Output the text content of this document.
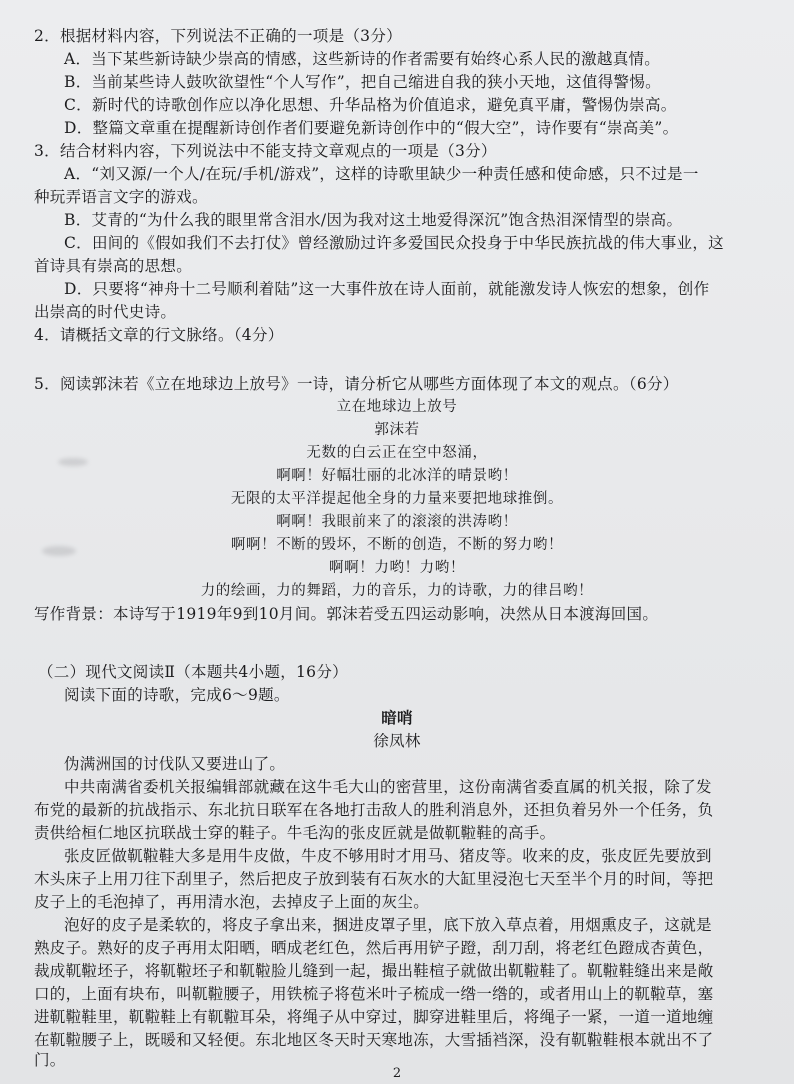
2．根据材料内容，下列说法不正确的一项是（3分）
A．当下某些新诗缺少崇高的情感，这些新诗的作者需要有始终心系人民的激越真情。
B．当前某些诗人鼓吹欲望性“个人写作”，把自己缩进自我的狭小天地，这值得警惕。
C．新时代的诗歌创作应以净化思想、升华品格为价值追求，避免真平庸，警惕伪崇高。
D．整篇文章重在提醒新诗创作者们要避免新诗创作中的“假大空”，诗作要有“崇高美”。
3．结合材料内容，下列说法中不能支持文章观点的一项是（3分）
A．“刘又源/一个人/在玩/手机/游戏”，这样的诗歌里缺少一种责任感和使命感，只不过是一
种玩弄语言文字的游戏。
B．艾青的“为什么我的眼里常含泪水/因为我对这土地爱得深沉”饱含热泪深情型的崇高。
C．田间的《假如我们不去打仗》曾经激励过许多爱国民众投身于中华民族抗战的伟大事业，这
首诗具有崇高的思想。
D．只要将“神舟十二号顺利着陆”这一大事件放在诗人面前，就能激发诗人恢宏的想象，创作
出崇高的时代史诗。
4．请概括文章的行文脉络。（4分）
5．阅读郭沫若《立在地球边上放号》一诗，请分析它从哪些方面体现了本文的观点。（6分）
立在地球边上放号
郭沫若
无数的白云正在空中怒涌，
啊啊！好幅壮丽的北冰洋的晴景哟！
无限的太平洋提起他全身的力量来要把地球推倒。
啊啊！我眼前来了的滚滚的洪涛哟！
啊啊！不断的毁坏，不断的创造，不断的努力哟！
啊啊！力哟！力哟！
力的绘画，力的舞蹈，力的音乐，力的诗歌，力的律吕哟！
写作背景：本诗写于1919年9到10月间。郭沫若受五四运动影响，决然从日本渡海回国。
（二）现代文阅读Ⅱ（本题共4小题，16分）
阅读下面的诗歌，完成6～9题。
暗哨
徐凤林
伪满洲国的讨伐队又要进山了。
中共南满省委机关报编辑部就藏在这牛毛大山的密营里，这份南满省委直属的机关报，除了发
布党的最新的抗战指示、东北抗日联军在各地打击敌人的胜利消息外，还担负着另外一个任务，负
责供给桓仁地区抗联战士穿的鞋子。牛毛沟的张皮匠就是做靰鞡鞋的高手。
张皮匠做靰鞡鞋大多是用牛皮做，牛皮不够用时才用马、猪皮等。收来的皮，张皮匠先要放到
木头床子上用刀往下刮里子，然后把皮子放到装有石灰水的大缸里浸泡七天至半个月的时间，等把
皮子上的毛泡掉了，再用清水泡，去掉皮子上面的灰尘。
泡好的皮子是柔软的，将皮子拿出来，捆进皮罩子里，底下放入草点着，用烟熏皮子，这就是
熟皮子。熟好的皮子再用太阳晒，晒成老红色，然后再用铲子蹬，刮刀刮，将老红色蹬成杏黄色，
裁成靰鞡坯子，将靰鞡坯子和靰鞡脸儿缝到一起，撮出鞋楦子就做出靰鞡鞋了。靰鞡鞋缝出来是敞
口的，上面有块布，叫靰鞡腰子，用铁梳子将苞米叶子梳成一绺一绺的，或者用山上的靰鞡草，塞
进靰鞡鞋里，靰鞡鞋上有靰鞡耳朵，将绳子从中穿过，脚穿进鞋里后，将绳子一紧，一道一道地缠
在靰鞡腰子上，既暖和又轻便。东北地区冬天时天寒地冻，大雪插裆深，没有靰鞡鞋根本就出不了
门。
2
